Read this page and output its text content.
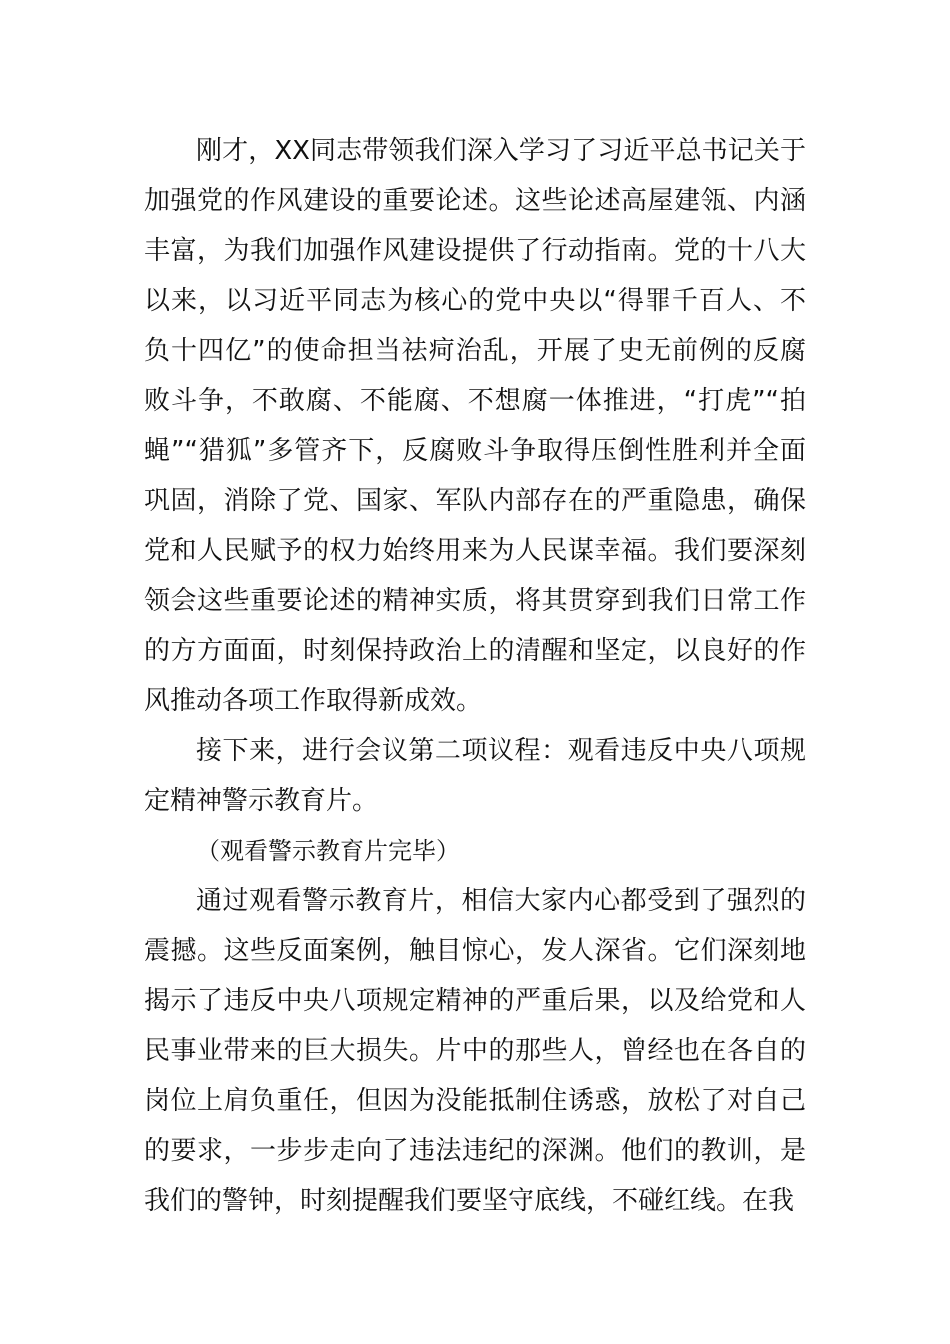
刚才，XX同志带领我们深入学习了习近平总书记关于加强党的作风建设的重要论述。这些论述高屋建瓴、内涵丰富，为我们加强作风建设提供了行动指南。党的十八大以来，以习近平同志为核心的党中央以“得罪千百人、不负十四亿”的使命担当祛疴治乱，开展了史无前例的反腐败斗争，不敢腐、不能腐、不想腐一体推进，“打虎”“拍蝇”“猎狐”多管齐下，反腐败斗争取得压倒性胜利并全面巩固，消除了党、国家、军队内部存在的严重隐患，确保党和人民赋予的权力始终用来为人民谋幸福。我们要深刻领会这些重要论述的精神实质，将其贯穿到我们日常工作的方方面面，时刻保持政治上的清醒和坚定，以良好的作风推动各项工作取得新成效。

接下来，进行会议第二项议程：观看违反中央八项规定精神警示教育片。

（观看警示教育片完毕）

通过观看警示教育片，相信大家内心都受到了强烈的震撼。这些反面案例，触目惊心，发人深省。它们深刻地揭示了违反中央八项规定精神的严重后果，以及给党和人民事业带来的巨大损失。片中的那些人，曾经也在各自的岗位上肩负重任，但因为没能抵制住诱惑，放松了对自己的要求，一步步走向了违法违纪的深渊。他们的教训，是我们的警钟，时刻提醒我们要坚守底线，不碰红线。在我
